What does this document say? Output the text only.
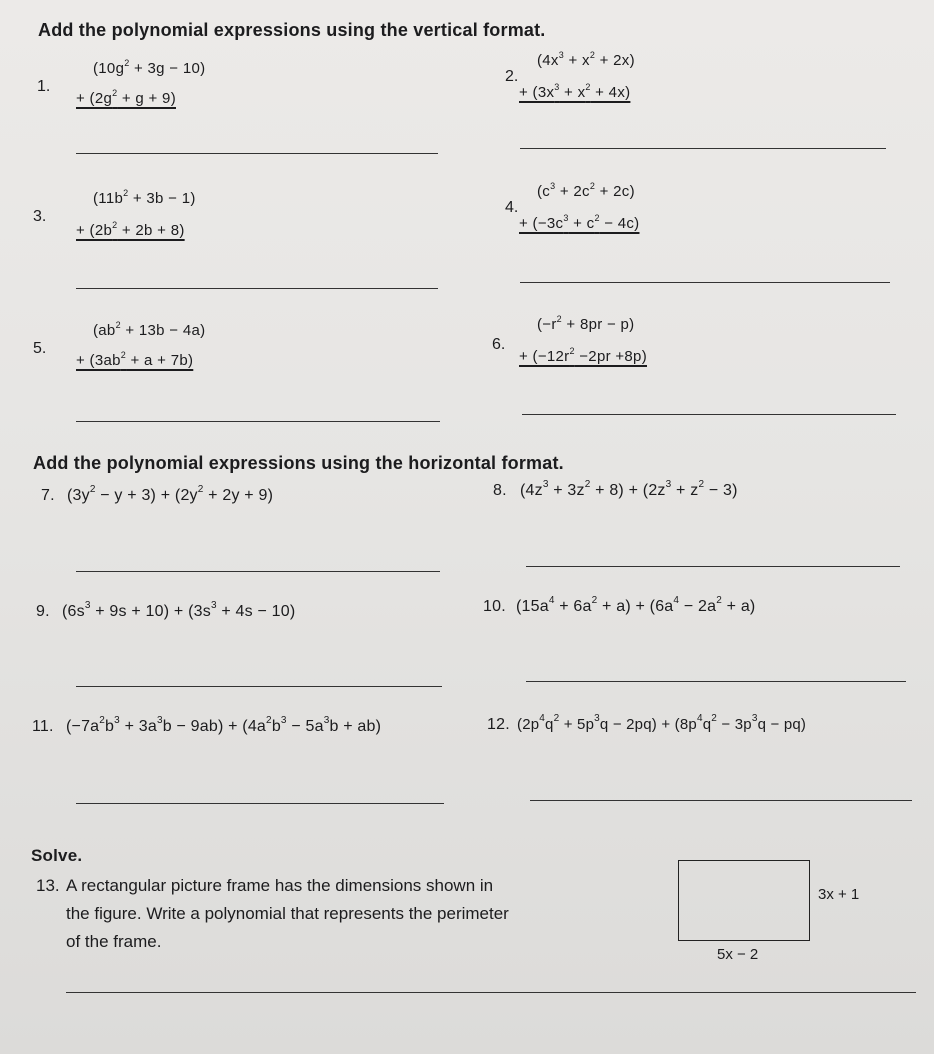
Add the polynomial expressions using the vertical format.
1.
$(10g^2 + 3g - 10)$
+ $(2g^2 + g + 9)$
2.
$(4x^3 + x^2 + 2x)$
+ $(3x^3 + x^2 + 4x)$
3.
$(11b^2 + 3b - 1)$
+ $(2b^2 + 2b + 8)$
4.
$(c^3 + 2c^2 + 2c)$
+ $(-3c^3 + c^2 - 4c)$
5.
$(ab^2 + 13b - 4a)$
+ $(3ab^2 + a + 7b)$
6.
$(-r^2 + 8pr - p)$
+ $(-12r^2 -2pr +8p)$
Add the polynomial expressions using the horizontal format.
7. $(3y^2 - y + 3) + (2y^2 + 2y + 9)$	8. $(4z^3 + 3z^2 + 8) + (2z^3 + z^2 - 3)$
9. $(6s^3 + 9s + 10) + (3s^3 + 4s - 10)$	10. $(15a^4 + 6a^2 + a) + (6a^4 - 2a^2 + a)$
11. $(-7a^2b^3 + 3a^3b - 9ab) + (4a^2b^3 - 5a^3b + ab)$	12. $(2p^4q^2 + 5p^3q - 2pq) + (8p^4q^2 - 3p^3q - pq)$
Solve.
13. A rectangular picture frame has the dimensions shown in
the figure. Write a polynomial that represents the perimeter
of the frame.
3x + 1
5x − 2
